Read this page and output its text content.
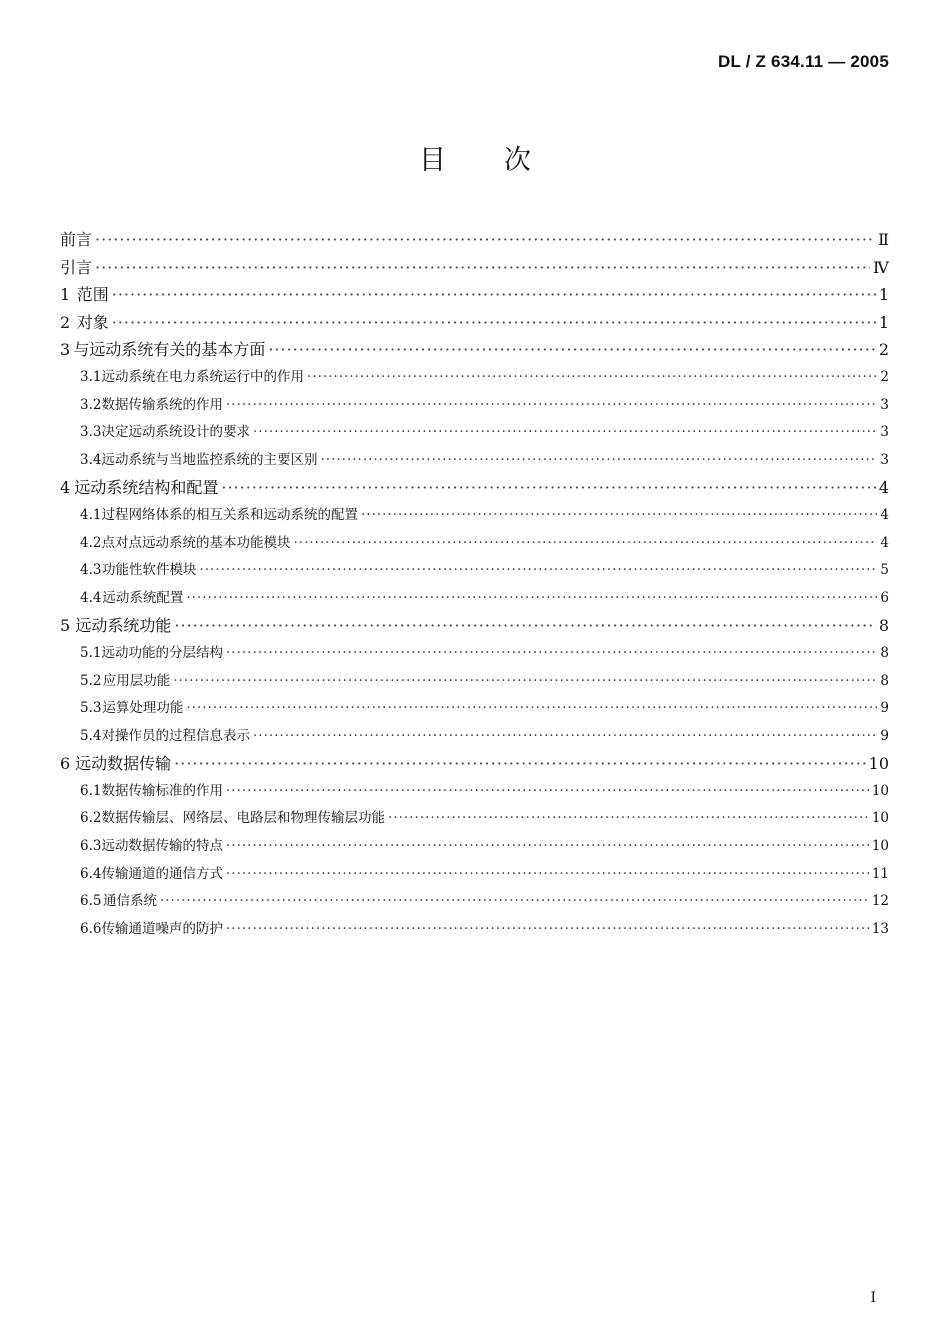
DL / Z 634.11 — 2005
目次
前言 ·····	Ⅱ
引言 ·····	Ⅳ
1 范围 ·····	1
2 对象 ·····	1
3 与远动系统有关的基本方面 ·····	2
3.1 远动系统在电力系统运行中的作用 ·····	2
3.2 数据传输系统的作用 ·····	3
3.3 决定远动系统设计的要求 ·····	3
3.4 远动系统与当地监控系统的主要区别 ·····	3
4 远动系统结构和配置 ·····	4
4.1 过程网络体系的相互关系和远动系统的配置 ·····	4
4.2 点对点远动系统的基本功能模块 ·····	4
4.3 功能性软件模块 ·····	5
4.4 远动系统配置 ·····	6
5 远动系统功能 ·····	8
5.1 远动功能的分层结构 ·····	8
5.2 应用层功能 ·····	8
5.3 运算处理功能 ·····	9
5.4 对操作员的过程信息表示 ·····	9
6 远动数据传输 ·····	10
6.1 数据传输标准的作用 ·····	10
6.2 数据传输层、网络层、电路层和物理传输层功能 ·····	10
6.3 远动数据传输的特点 ·····	10
6.4 传输通道的通信方式 ·····	11
6.5 通信系统 ·····	12
6.6 传输通道噪声的防护 ·····	13
I
